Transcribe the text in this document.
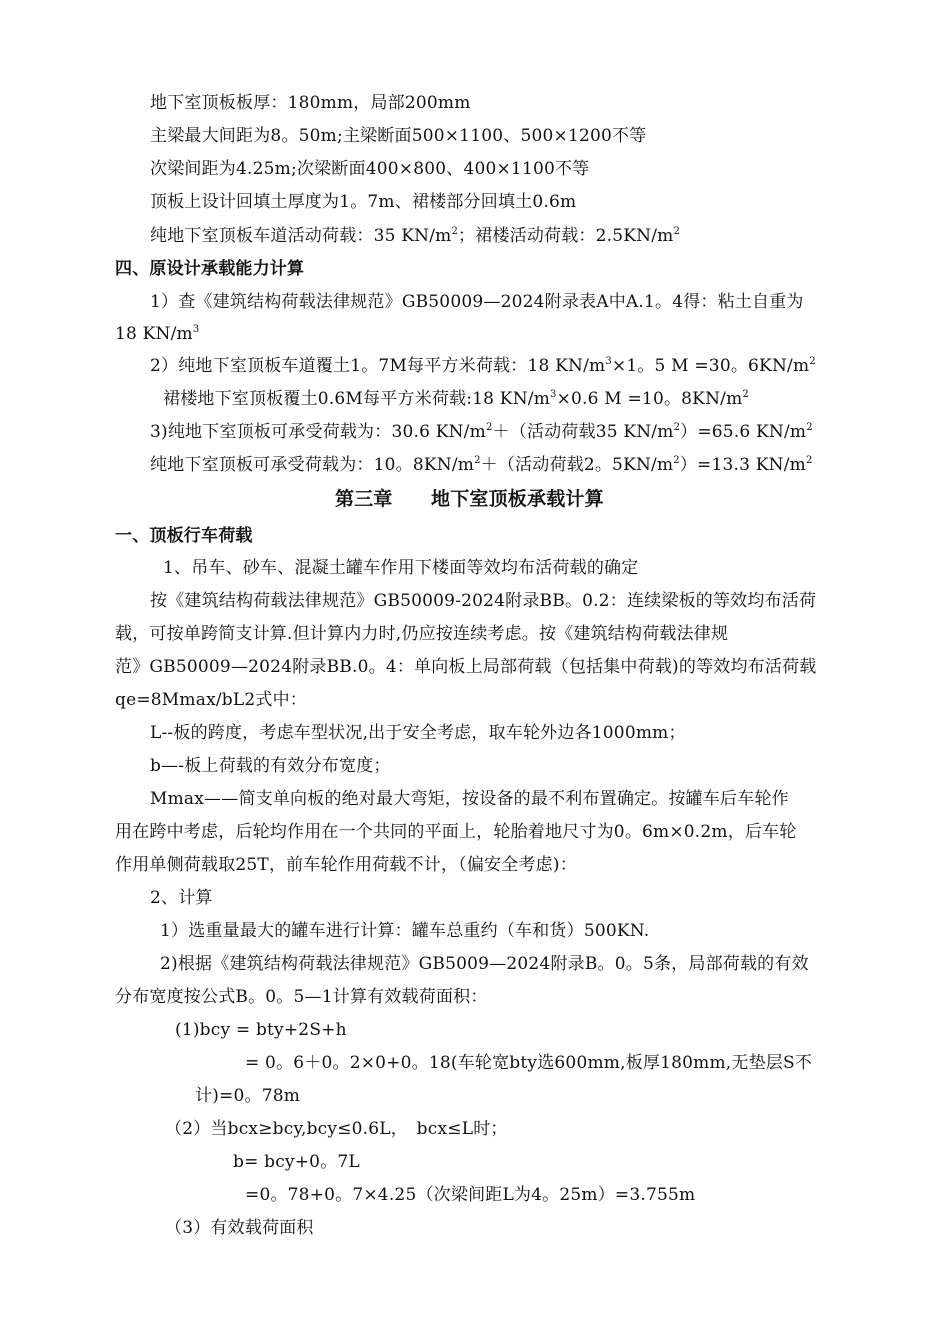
地下室顶板板厚：180mm，局部200mm
主梁最大间距为8。50m;主梁断面500×1100、500×1200不等
次梁间距为4.25m;次梁断面400×800、400×1100不等
顶板上设计回填土厚度为1。7m、裙楼部分回填土0.6m
纯地下室顶板车道活动荷载：35 $KN/m^2$；裙楼活动荷载：$2.5KN/m^2$
四、原设计承载能力计算
1）查《建筑结构荷载法律规范》GB50009—2024附录表A中A.1。4得：粘土自重为
18 $KN/m^3$
2）纯地下室顶板车道覆土1。7M每平方米荷载：18 $KN/m^3\times 1$。5 M =30。$6KN/m^2$
裙楼地下室顶板覆土0.6M每平方米荷载:18 $KN/m^3\times 0.6$ M =10。$8KN/m^2$
3)纯地下室顶板可承受荷载为：30.6 $KN/m^2+$（活动荷载35 $KN/m^2)=65.6$ $KN/m^2$
纯地下室顶板可承受荷载为：10。$8KN/m^2+$（活动荷载2。$5KN/m^2)=13.3$ $KN/m^2$
第三章　　地下室顶板承载计算
一、顶板行车荷载
1、吊车、砂车、混凝土罐车作用下楼面等效均布活荷载的确定
按《建筑结构荷载法律规范》GB50009-2024附录BB。0.2：连续梁板的等效均布活荷
载，可按单跨简支计算.但计算内力时,仍应按连续考虑。按《建筑结构荷载法律规
范》GB50009—2024附录BB.0。4：单向板上局部荷载（包括集中荷载)的等效均布活荷载
qe=8Mmax/bL2式中：
L--板的跨度，考虑车型状况,出于安全考虑，取车轮外边各1000mm；
b—-板上荷载的有效分布宽度；
Mmax——简支单向板的绝对最大弯矩，按设备的最不利布置确定。按罐车后车轮作
用在跨中考虑，后轮均作用在一个共同的平面上，轮胎着地尺寸为0。6m×0.2m，后车轮
作用单侧荷载取25T，前车轮作用荷载不计，（偏安全考虑)：
2、计算
1）选重量最大的罐车进行计算：罐车总重约（车和货）500KN.
2)根据《建筑结构荷载法律规范》GB5009—2024附录B。0。5条，局部荷载的有效
分布宽度按公式B。0。5—1计算有效载荷面积：
(1)bcy = bty+2S+h
= 0。6＋0。2×0+0。18(车轮宽bty选600mm,板厚180mm,无垫层S不
计)=0。78m
（2）当bcx≥bcy,bcy≤0.6L，　bcx≤L时；
b= bcy+0。7L
=0。78+0。7×4.25（次梁间距L为4。25m）=3.755m
（3）有效载荷面积
